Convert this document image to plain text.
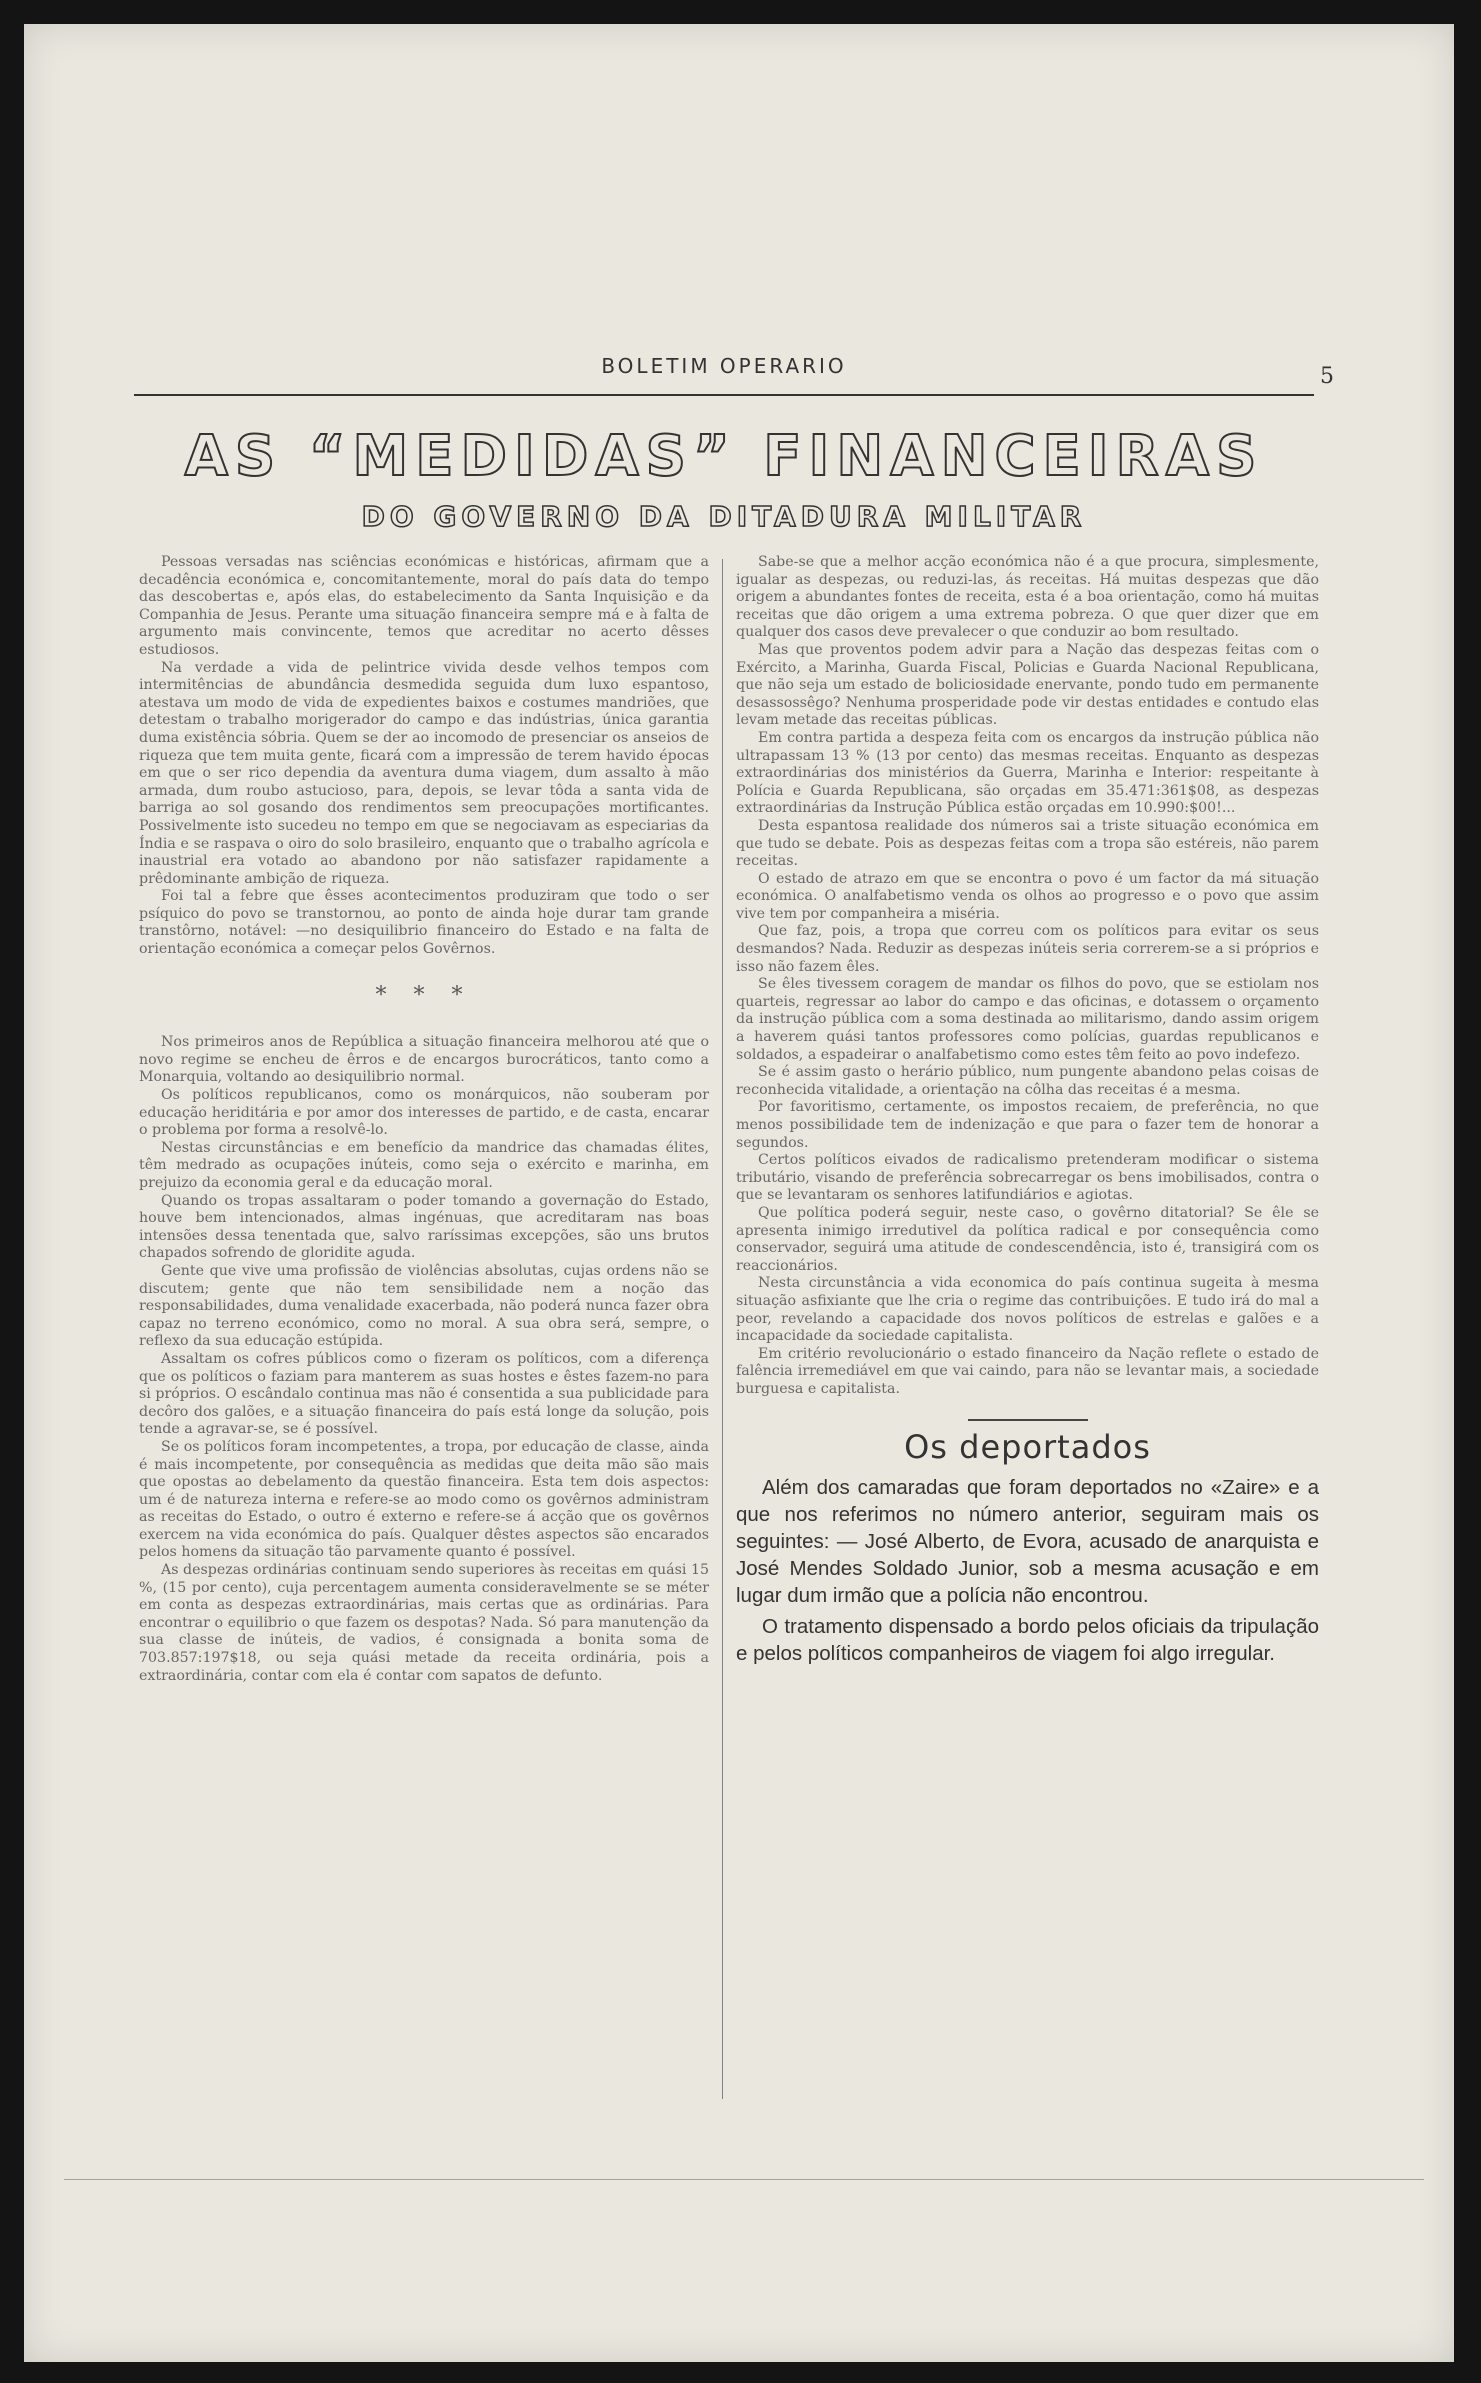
BOLETIM OPERARIO	5
AS “MEDIDAS” FINANCEIRAS
DO GOVERNO DA DITADURA MILITAR

Pessoas versadas nas sciências económicas e históricas, afirmam que a decadência económica e, concomitantemente, moral do país data do tempo das descobertas e, após elas, do estabelecimento da Santa Inquisição e da Companhia de Jesus. Perante uma situação financeira sempre má e à falta de argumento mais convincente, temos que acreditar no acerto dêsses estudiosos.

Na verdade a vida de pelintrice vivida desde velhos tempos com intermitências de abundância desmedida seguida dum luxo espantoso, atestava um modo de vida de expedientes baixos e costumes mandriões, que detestam o trabalho morigerador do campo e das indústrias, única garantia duma existência sóbria. Quem se der ao incomodo de presenciar os anseios de riqueza que tem muita gente, ficará com a impressão de terem havido épocas em que o ser rico dependia da aventura duma viagem, dum assalto à mão armada, dum roubo astucioso, para, depois, se levar tôda a santa vida de barriga ao sol gosando dos rendimentos sem preocupações mortificantes. Possivelmente isto sucedeu no tempo em que se negociavam as especiarias da Índia e se raspava o oiro do solo brasileiro, enquanto que o trabalho agrícola e inaustrial era votado ao abandono por não satisfazer rapidamente a prêdominante ambição de riqueza.

Foi tal a febre que êsses acontecimentos produziram que todo o ser psíquico do povo se transtornou, ao ponto de ainda hoje durar tam grande transtôrno, notável: —no desiquilibrio financeiro do Estado e na falta de orientação económica a começar pelos Govêrnos.

* * *

Nos primeiros anos de República a situação financeira melhorou até que o novo regime se encheu de êrros e de encargos burocráticos, tanto como a Monarquia, voltando ao desiquilibrio normal.

Os políticos republicanos, como os monárquicos, não souberam por educação heriditária e por amor dos interesses de partido, e de casta, encarar o problema por forma a resolvê-lo.

Nestas circunstâncias e em benefício da mandrice das chamadas élites, têm medrado as ocupações inúteis, como seja o exército e marinha, em prejuizo da economia geral e da educação moral.

Quando os tropas assaltaram o poder tomando a governação do Estado, houve bem intencionados, almas ingénuas, que acreditaram nas boas intensões dessa tenentada que, salvo raríssimas excepções, são uns brutos chapados sofrendo de gloridite aguda.

Gente que vive uma profissão de violências absolutas, cujas ordens não se discutem; gente que não tem sensibilidade nem a noção das responsabilidades, duma venalidade exacerbada, não poderá nunca fazer obra capaz no terreno económico, como no moral. A sua obra será, sempre, o reflexo da sua educação estúpida.

Assaltam os cofres públicos como o fizeram os políticos, com a diferença que os políticos o faziam para manterem as suas hostes e êstes fazem-no para si próprios. O escândalo continua mas não é consentida a sua publicidade para decôro dos galões, e a situação financeira do país está longe da solução, pois tende a agravar-se, se é possível.

Se os políticos foram incompetentes, a tropa, por educação de classe, ainda é mais incompetente, por consequência as medidas que deita mão são mais que opostas ao debelamento da questão financeira. Esta tem dois aspectos: um é de natureza interna e refere-se ao modo como os govêrnos administram as receitas do Estado, o outro é externo e refere-se á acção que os govêrnos exercem na vida económica do país. Qualquer dêstes aspectos são encarados pelos homens da situação tão parvamente quanto é possível.

As despezas ordinárias continuam sendo superiores às receitas em quási 15 %, (15 por cento), cuja percentagem aumenta consideravelmente se se méter em conta as despezas extraordinárias, mais certas que as ordinárias. Para encontrar o equilibrio o que fazem os despotas? Nada. Só para manutenção da sua classe de inúteis, de vadios, é consignada a bonita soma de 703.857:197$18, ou seja quási metade da receita ordinária, pois a extraordinária, contar com ela é contar com sapatos de defunto.

Sabe-se que a melhor acção económica não é a que procura, simplesmente, igualar as despezas, ou reduzi-las, ás receitas. Há muitas despezas que dão origem a abundantes fontes de receita, esta é a boa orientação, como há muitas receitas que dão origem a uma extrema pobreza. O que quer dizer que em qualquer dos casos deve prevalecer o que conduzir ao bom resultado.

Mas que proventos podem advir para a Nação das despezas feitas com o Exército, a Marinha, Guarda Fiscal, Policias e Guarda Nacional Republicana, que não seja um estado de boliciosidade enervante, pondo tudo em permanente desassossêgo? Nenhuma prosperidade pode vir destas entidades e contudo elas levam metade das receitas públicas.

Em contra partida a despeza feita com os encargos da instrução pública não ultrapassam 13 % (13 por cento) das mesmas receitas. Enquanto as despezas extraordinárias dos ministérios da Guerra, Marinha e Interior: respeitante à Polícia e Guarda Republicana, são orçadas em 35.471:361$08, as despezas extraordinárias da Instrução Pública estão orçadas em 10.990:$00!...

Desta espantosa realidade dos números sai a triste situação económica em que tudo se debate. Pois as despezas feitas com a tropa são estéreis, não parem receitas.

O estado de atrazo em que se encontra o povo é um factor da má situação económica. O analfabetismo venda os olhos ao progresso e o povo que assim vive tem por companheira a miséria.

Que faz, pois, a tropa que correu com os políticos para evitar os seus desmandos? Nada. Reduzir as despezas inúteis seria correrem-se a si próprios e isso não fazem êles.

Se êles tivessem coragem de mandar os filhos do povo, que se estiolam nos quarteis, regressar ao labor do campo e das oficinas, e dotassem o orçamento da instrução pública com a soma destinada ao militarismo, dando assim origem a haverem quási tantos professores como polícias, guardas republicanos e soldados, a espadeirar o analfabetismo como estes têm feito ao povo indefezo.

Se é assim gasto o herário público, num pungente abandono pelas coisas de reconhecida vitalidade, a orientação na côlha das receitas é a mesma.

Por favoritismo, certamente, os impostos recaiem, de preferência, no que menos possibilidade tem de indenização e que para o fazer tem de honorar a segundos.

Certos políticos eivados de radicalismo pretenderam modificar o sistema tributário, visando de preferência sobrecarregar os bens imobilisados, contra o que se levantaram os senhores latifundiários e agiotas.

Que política poderá seguir, neste caso, o govêrno ditatorial? Se êle se apresenta inimigo irredutivel da política radical e por consequência como conservador, seguirá uma atitude de condescendência, isto é, transigirá com os reaccionários.

Nesta circunstância a vida economica do país continua sugeita à mesma situação asfixiante que lhe cria o regime das contribuições. E tudo irá do mal a peor, revelando a capacidade dos novos políticos de estrelas e galões e a incapacidade da sociedade capitalista.

Em critério revolucionário o estado financeiro da Nação reflete o estado de falência irremediável em que vai caindo, para não se levantar mais, a sociedade burguesa e capitalista.

Os deportados

Além dos camaradas que foram deportados no «Zaire» e a que nos referimos no número anterior, seguiram mais os seguintes: — José Alberto, de Evora, acusado de anarquista e José Mendes Soldado Junior, sob a mesma acusação e em lugar dum irmão que a polícia não encontrou.

O tratamento dispensado a bordo pelos oficiais da tripulação e pelos políticos companheiros de viagem foi algo irregular.
